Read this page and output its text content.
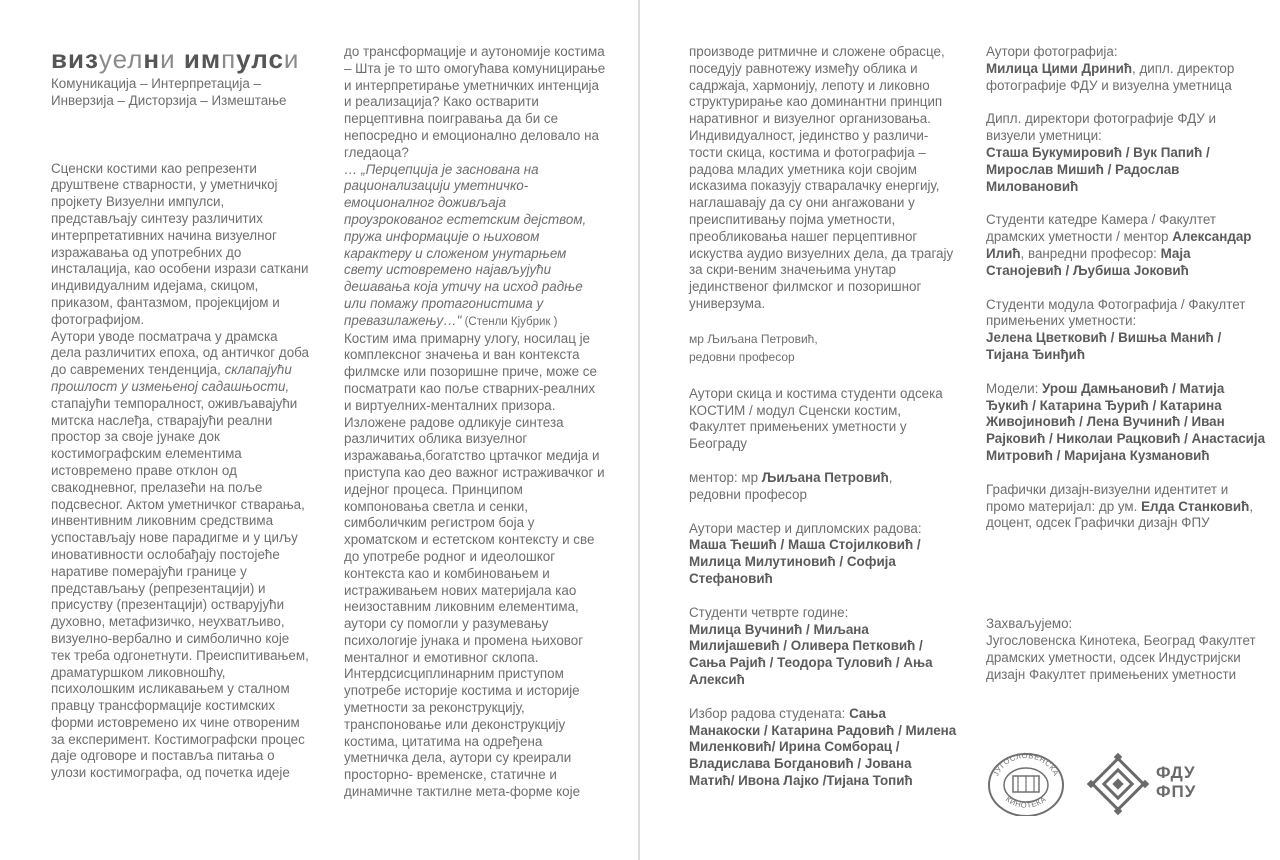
визуелни импулси
Комуникација – Интерпретација –
Инверзија – Дисторзија – Измештање

Сценски костими као репрезенти друштвене стварности, у уметничкој пројкету Визуелни импулси, представљају синтезу различитих интерпретативних начина визуелног изражавања од употребних до инсталација, као особени изрази саткани индивидуалним идејама, скицом, приказом, фантазмом, пројекцијом и фотографијом.

Аутори уводе посматрача у драмска дела различитих епоха, од античког доба до савремених тенденција, склапајући прошлост у измењеној садашњости, стапајући темпоралност, оживљавајући митска наслеђа, стварајући реални простор за своје јунаке док костимографским елементима истовремено праве отклон од свакодневног, прелазећи на поље подсвесног. Актом уметничког стварања, инвентивним ликовним средствима успостављају нове парадигме и у циљу иновативности ослобађају постојеће наративе померајући границе у представљању (репрезентацији) и присуству (презентацији) остварујући духовно, метафизичко, неухватљиво, визуелно-вербално и симболично које тек треба одгонетнути. Преиспитивањем, драматуршком ликовношћу, психолошким исликавањем у сталном правцу трансформације костимских форми истовремено их чине отвореним за експеримент. Костимографски процес даје одговоре и поставља питања о улози костимографа, од почетка идеје

до трансформације и аутономије костима – Шта је то што омогућава комуницирање и интерпретирање уметничких интенција и реализација? Како остварити перцептивна поигравања да би се непосредно и емоционално деловало на гледаоца?

… „Перцепција је заснована на рационализацији уметничко-емоционалног доживљаја проузрокованог естетским дејством, пружа информације о њиховом карактеру и сложеном унутарњем свету истовремено најављујући дешавања која утичу на исход радње или помажу протагонистима у превазилажењу…" (Стенли Кјубрик )

Костим има примарну улогу, носилац је комплексног значења и ван контекста филмске или позоришне приче, може се посматрати као поље стварних-реалних и виртуелних-менталних призора. Изложене радове одликује синтеза различитих облика визуелног изражавања,богатство цртачког медија и приступа као део важног истраживачког и идејног процеса. Принципом компоновања светла и сенки, симболичким регистром боја у хроматском и естетском контексту и све до употребе родног и идеолошког контекста као и комбиновањем и истраживањем нових материјала као неизоставним ликовним елементима, аутори су помогли у разумевању психологије јунака и промена њиховог менталног и емотивног склопа. Интердсисциплинарним приступом употребе историје костима и историје уметности за реконструкцију, транспоновање или деконструкцију костима, цитатима на одређена уметничка дела, аутори су креирали просторно- временске, статичне и динамичне тактилне мета-форме које

производе ритмичне и сложене обрасце, поседују равнотежу између облика и садржаја, хармонију, лепоту и ликовно структурирање као доминантни принцип наративног и визуелног организовања. Индивидуалност, јединство у различи-тости скица, костима и фотографија – радова младих уметника који својим исказима показују стваралачку енергију, наглашавају да су они ангажовани у преиспитивању појма уметности, преобликовања нашег перцептивног искуства аудио визуелних дела, да трагају за скри-веним значењима унутар јединственог филмског и позоришног универзума.

мр Љиљана Петровић,
редовни професор

Аутори скица и костима студенти одсека КОСТИМ / модул Сценски костим, Факултет примењених уметности у Београду

ментор: мр Љиљана Петровић,
редовни професор

Аутори мастер и дипломских радова:

Маша Ћешић / Маша Стојилковић / Милица Милутиновић / Софија Стефановић

Студенти четврте године:

Милица Вучинић / Миљана Милијашевић / Оливера Петковић / Сања Рајић / Теодора Туловић / Ања Алексић

Избор радова студената: Сања Манакоски / Катарина Радовић / Милена Миленковић/ Ирина Сомборац / Владислава Богдановић / Јована Матић/ Ивона Лајко /Тијана Топић

Аутори фотографија:

Милица Цими Дринић, дипл. директор фотографије ФДУ и визуелна уметница

Дипл. директори фотографије ФДУ и визуели уметници:

Сташа Букумировић / Вук Папић / Мирослав Мишић / Радослав Миловановић

Студенти катедре Камера / Факултет драмских уметности / ментор Александар Илић, ванредни професор: Маја Станојевић / Љубиша Јоковић

Студенти модула Фотографија / Факултет примењених уметности:

Јелена Цветковић / Вишња Манић / Тијана Ђинђић

Модели: Урош Дамњановић / Матија Ђукић / Катарина Ђурић / Катарина Живојиновић / Лена Вучинић / Иван Рајковић / Николаи Рацковић / Анастасија Митровић / Маријана Кузмановић

Графички дизајн-визуелни идентитет и промо материјал: др ум. Елда Станковић, доцент, одсек Графички дизајн ФПУ

Захваљујемо:

Југословенска Кинотека, Београд Факултет драмских уметности, одсек Индустријски дизајн Факултет примењених уметности

ЈУГОСЛОВЕНСКА
КИНОТЕКА
ФДУ
ФПУ
